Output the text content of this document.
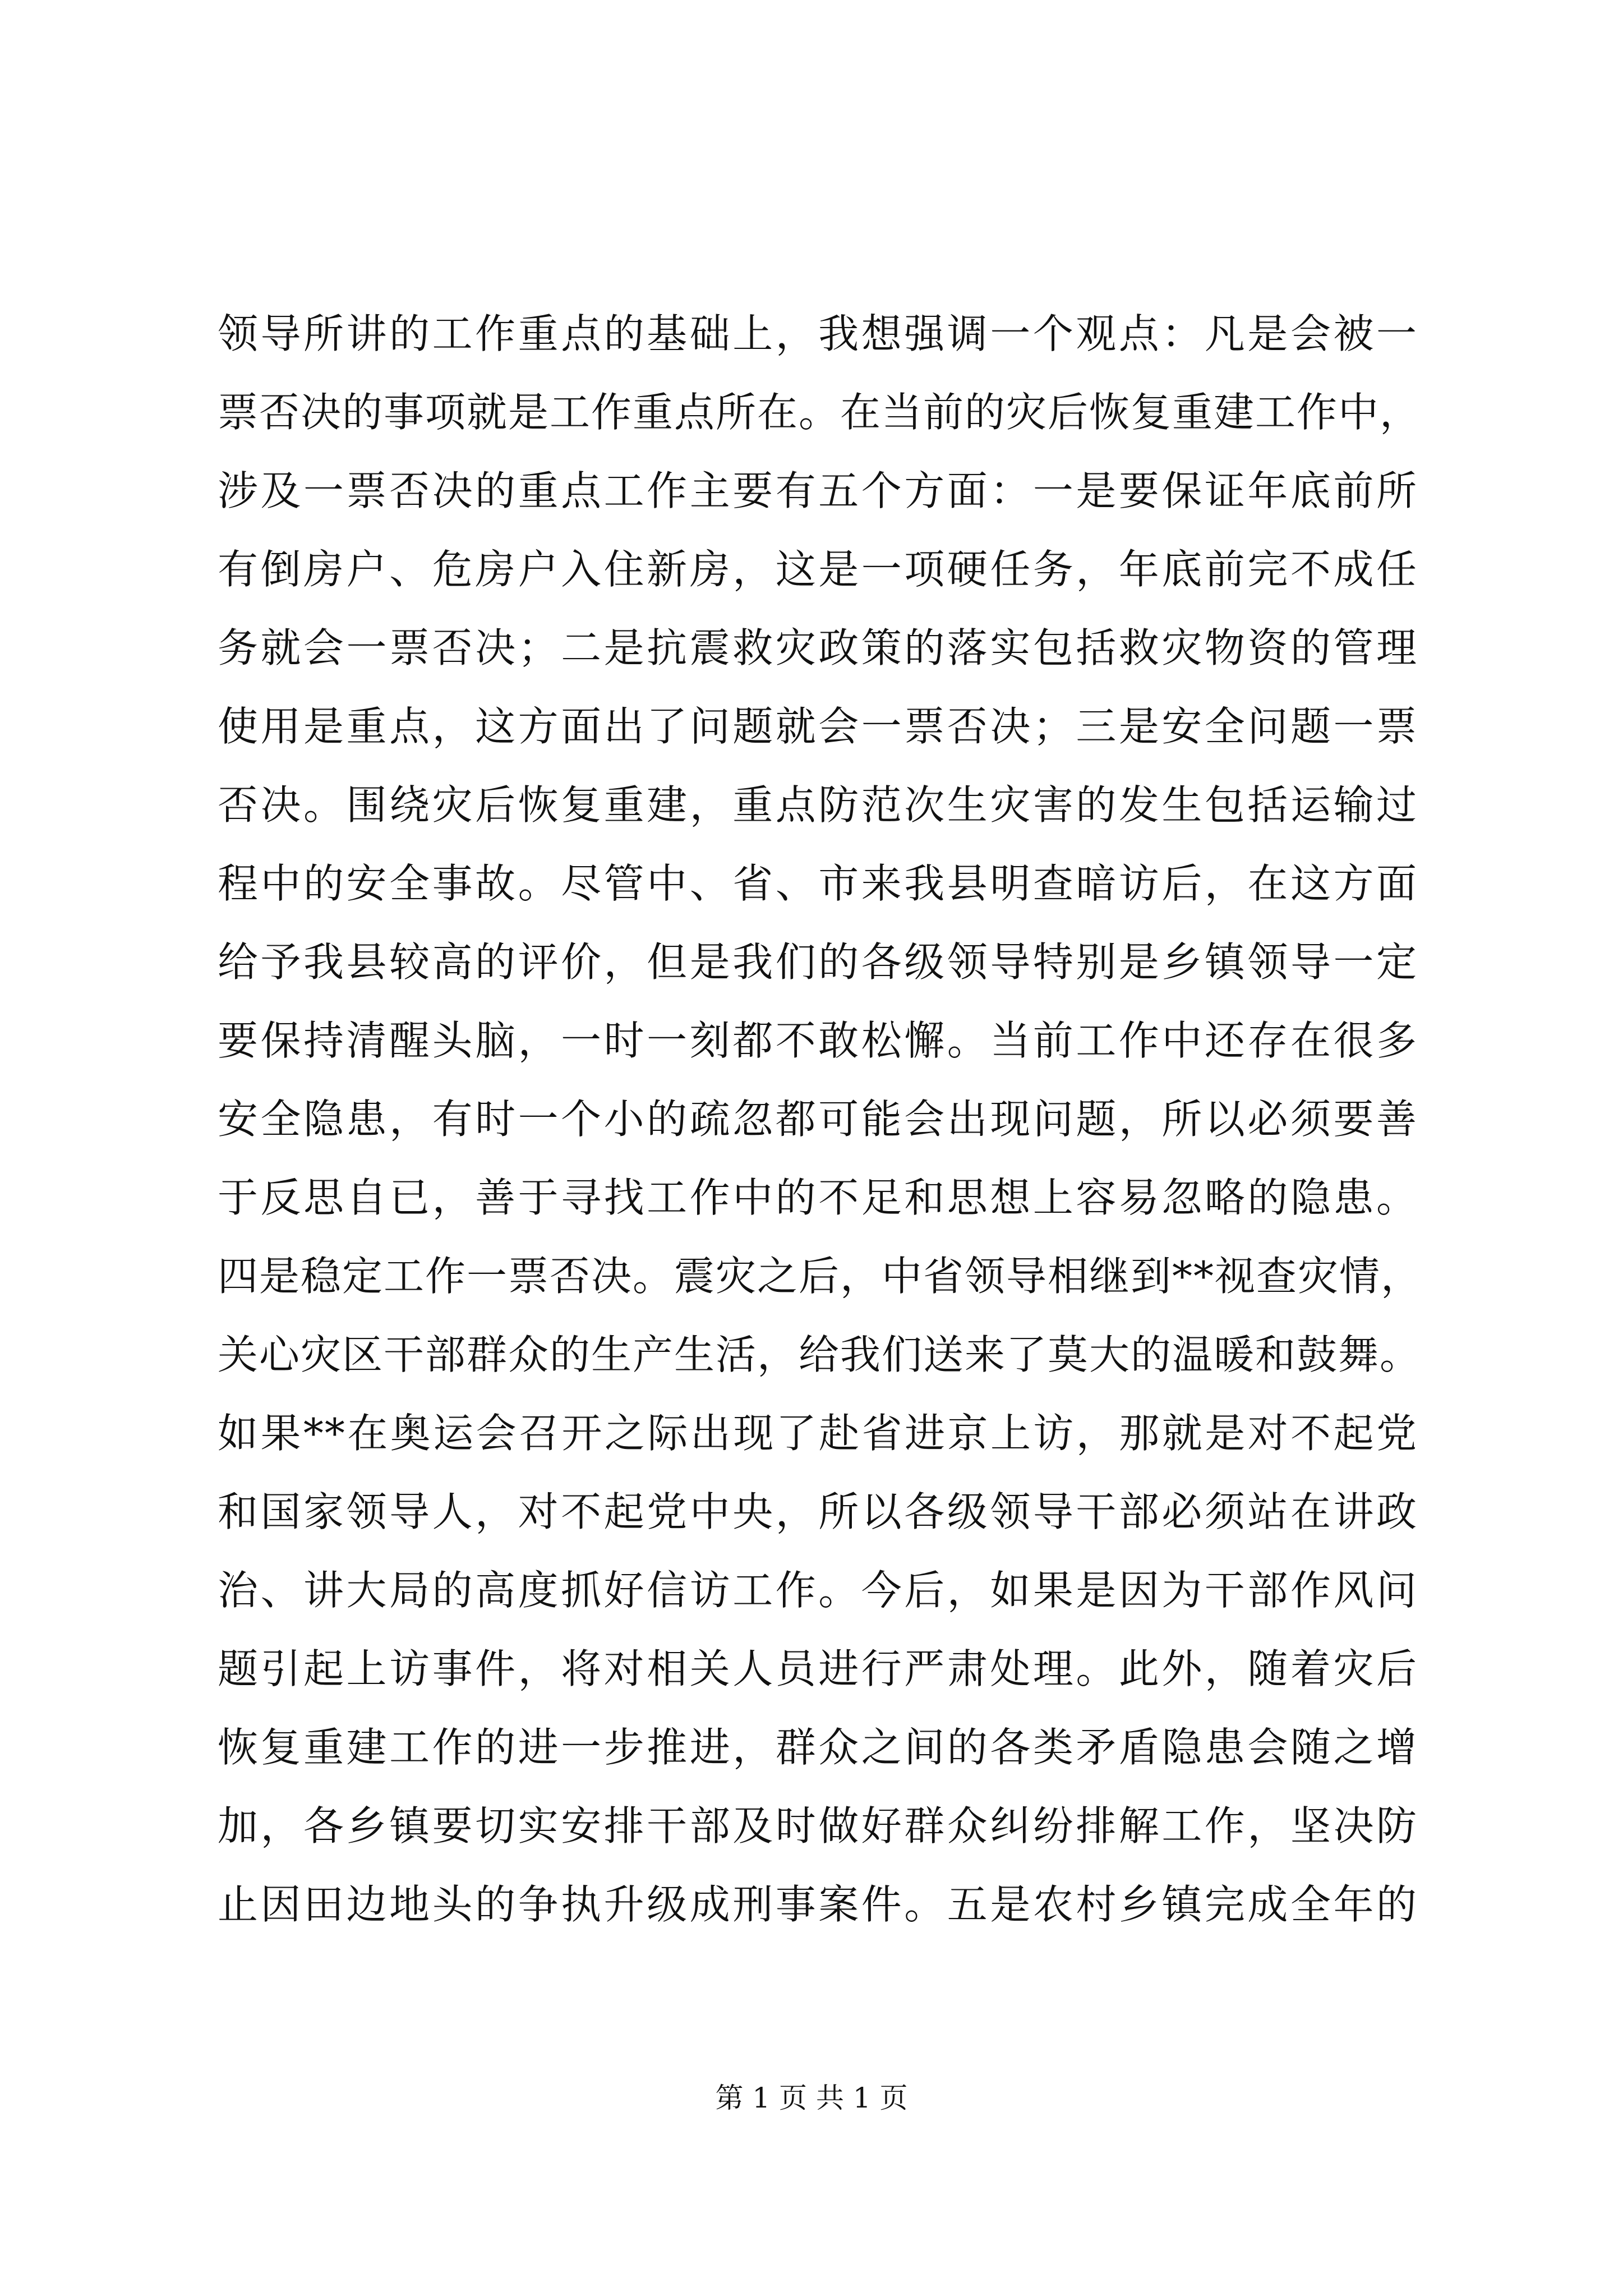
领导所讲的工作重点的基础上，我想强调一个观点：凡是会被一
票否决的事项就是工作重点所在。在当前的灾后恢复重建工作中，
涉及一票否决的重点工作主要有五个方面：一是要保证年底前所
有倒房户、危房户入住新房，这是一项硬任务，年底前完不成任
务就会一票否决；二是抗震救灾政策的落实包括救灾物资的管理
使用是重点，这方面出了问题就会一票否决；三是安全问题一票
否决。围绕灾后恢复重建，重点防范次生灾害的发生包括运输过
程中的安全事故。尽管中、省、市来我县明查暗访后，在这方面
给予我县较高的评价，但是我们的各级领导特别是乡镇领导一定
要保持清醒头脑，一时一刻都不敢松懈。当前工作中还存在很多
安全隐患，有时一个小的疏忽都可能会出现问题，所以必须要善
于反思自已，善于寻找工作中的不足和思想上容易忽略的隐患。
四是稳定工作一票否决。震灾之后，中省领导相继到**视查灾情，
关心灾区干部群众的生产生活，给我们送来了莫大的温暖和鼓舞。
如果**在奥运会召开之际出现了赴省进京上访，那就是对不起党
和国家领导人，对不起党中央，所以各级领导干部必须站在讲政
治、讲大局的高度抓好信访工作。今后，如果是因为干部作风问
题引起上访事件，将对相关人员进行严肃处理。此外，随着灾后
恢复重建工作的进一步推进，群众之间的各类矛盾隐患会随之增
加，各乡镇要切实安排干部及时做好群众纠纷排解工作，坚决防
止因田边地头的争执升级成刑事案件。五是农村乡镇完成全年的
第 1 页 共 1 页
